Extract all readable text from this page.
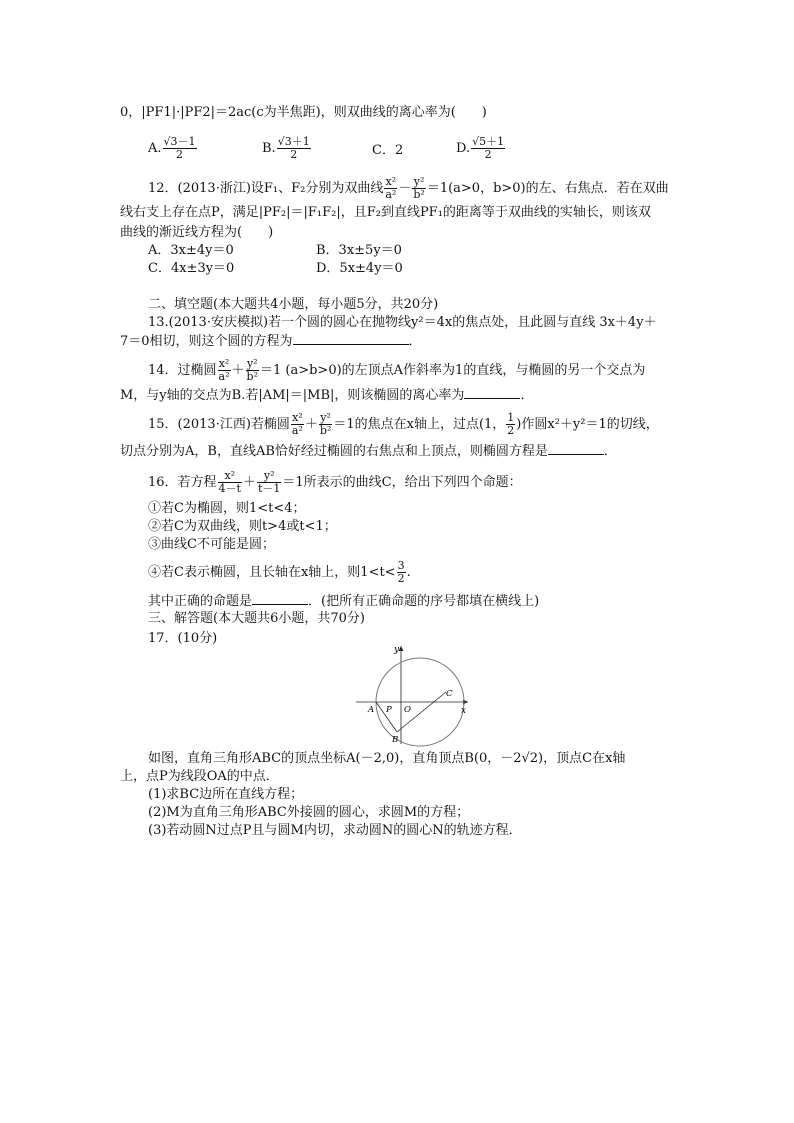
0，|PF1|·|PF2|＝2ac(c为半焦距)，则双曲线的离心率为(　　)
A. $\frac{√3-1}{2}$	B. $\frac{√3+1}{2}$	C．2	D. $\frac{√5+1}{2}$
12．(2013·浙江)设F₁、F₂分别为双曲线 $\frac{\text{x²}}{\text{a²}} - \frac{\text{y²}}{\text{b²}} =1(a>0$，b>0)的左、右焦点．若在双曲
线右支上存在点P，满足|PF₂|＝|F₁F₂|，且F₂到直线PF₁的距离等于双曲线的实轴长，则该双
曲线的渐近线方程为(　　)
A．3x±4y＝0	B．3x±5y＝0
C．4x±3y＝0	D．5x±4y＝0
二、填空题(本大题共4小题，每小题5分，共20分)
13.(2013·安庆模拟)若一个圆的圆心在抛物线y²＝4x的焦点处，且此圆与直线 3x＋4y＋
7＝0相切，则这个圆的方程为	．
14．过椭圆 $\frac{\text{x²}}{\text{a²}} + \frac{\text{y²}}{\text{b²}} =1$ (a>b>0)的左顶点A作斜率为1的直线，与椭圆的另一个交点为
M，与y轴的交点为B.若|AM|＝|MB|，则该椭圆的离心率为	．
15．(2013·江西)若椭圆 $\frac{\text{x²}}{\text{a²}} + \frac{\text{y²}}{\text{b²}} =1$的焦点在x轴上，过点(1， $\frac{1}{2}$ )作圆x²＋y²＝1的切线，
切点分别为A，B，直线AB恰好经过椭圆的右焦点和上顶点，则椭圆方程是	．
16．若方程 $\frac{\text{x²}}{4-t} + \frac{\text{y²}}{t-1} =1$所表示的曲线C，给出下列四个命题：
①若C为椭圆，则1<t<4；
②若C为双曲线，则t>4或t<1；
③曲线C不可能是圆；
④若C表示椭圆，且长轴在x轴上，则$1<t< \frac{3}{2}$ .
其中正确的命题是	．(把所有正确命题的序号都填在横线上)
三、解答题(本大题共6小题，共70分)
17．(10分)
y
x
A P O
C
B
如图，直角三角形ABC的顶点坐标A(－2,0)，直角顶点B(0，－2√2)，顶点C在x轴
上，点P为线段OA的中点．
(1)求BC边所在直线方程；
(2)M为直角三角形ABC外接圆的圆心，求圆M的方程；
(3)若动圆N过点P且与圆M内切，求动圆N的圆心N的轨迹方程．
